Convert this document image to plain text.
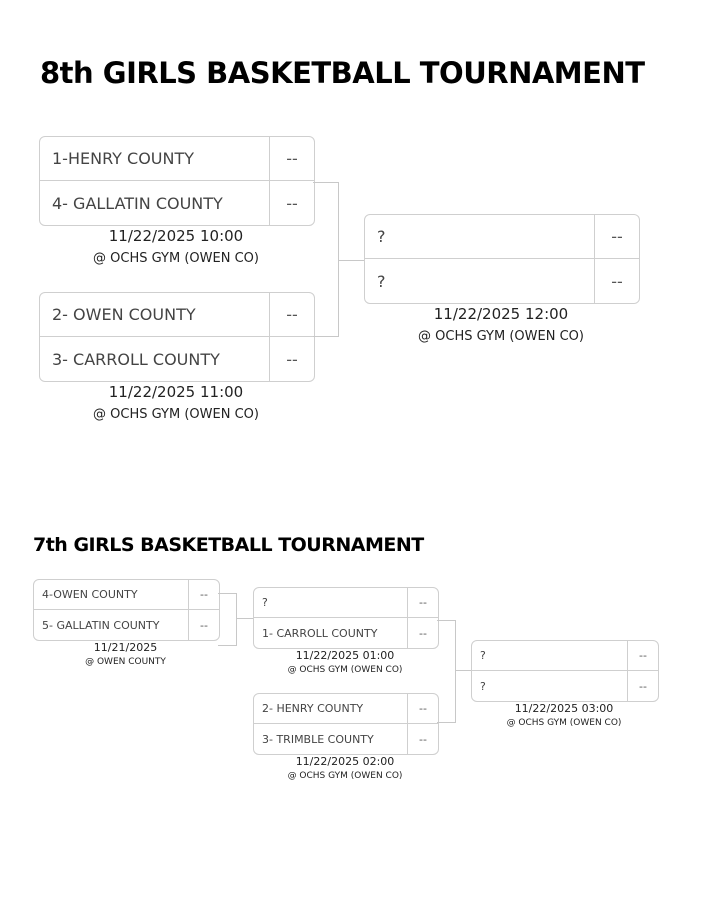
8th GIRLS BASKETBALL TOURNAMENT
1-HENRY COUNTY	--
4- GALLATIN COUNTY	--
11/22/2025 10:00
@ OCHS GYM (OWEN CO)
2- OWEN COUNTY	--
3- CARROLL COUNTY	--
11/22/2025 11:00
@ OCHS GYM (OWEN CO)
?	--
?	--
11/22/2025 12:00
@ OCHS GYM (OWEN CO)
4-OWEN COUNTY	--
5- GALLATIN COUNTY	--
11/21/2025
@ OWEN COUNTY
?	--
1- CARROLL COUNTY	--
11/22/2025 01:00
@ OCHS GYM (OWEN CO)
2- HENRY COUNTY	--
3- TRIMBLE COUNTY	--
11/22/2025 02:00
@ OCHS GYM (OWEN CO)
?	--
?	--
11/22/2025 03:00
@ OCHS GYM (OWEN CO)
7th GIRLS BASKETBALL TOURNAMENT
